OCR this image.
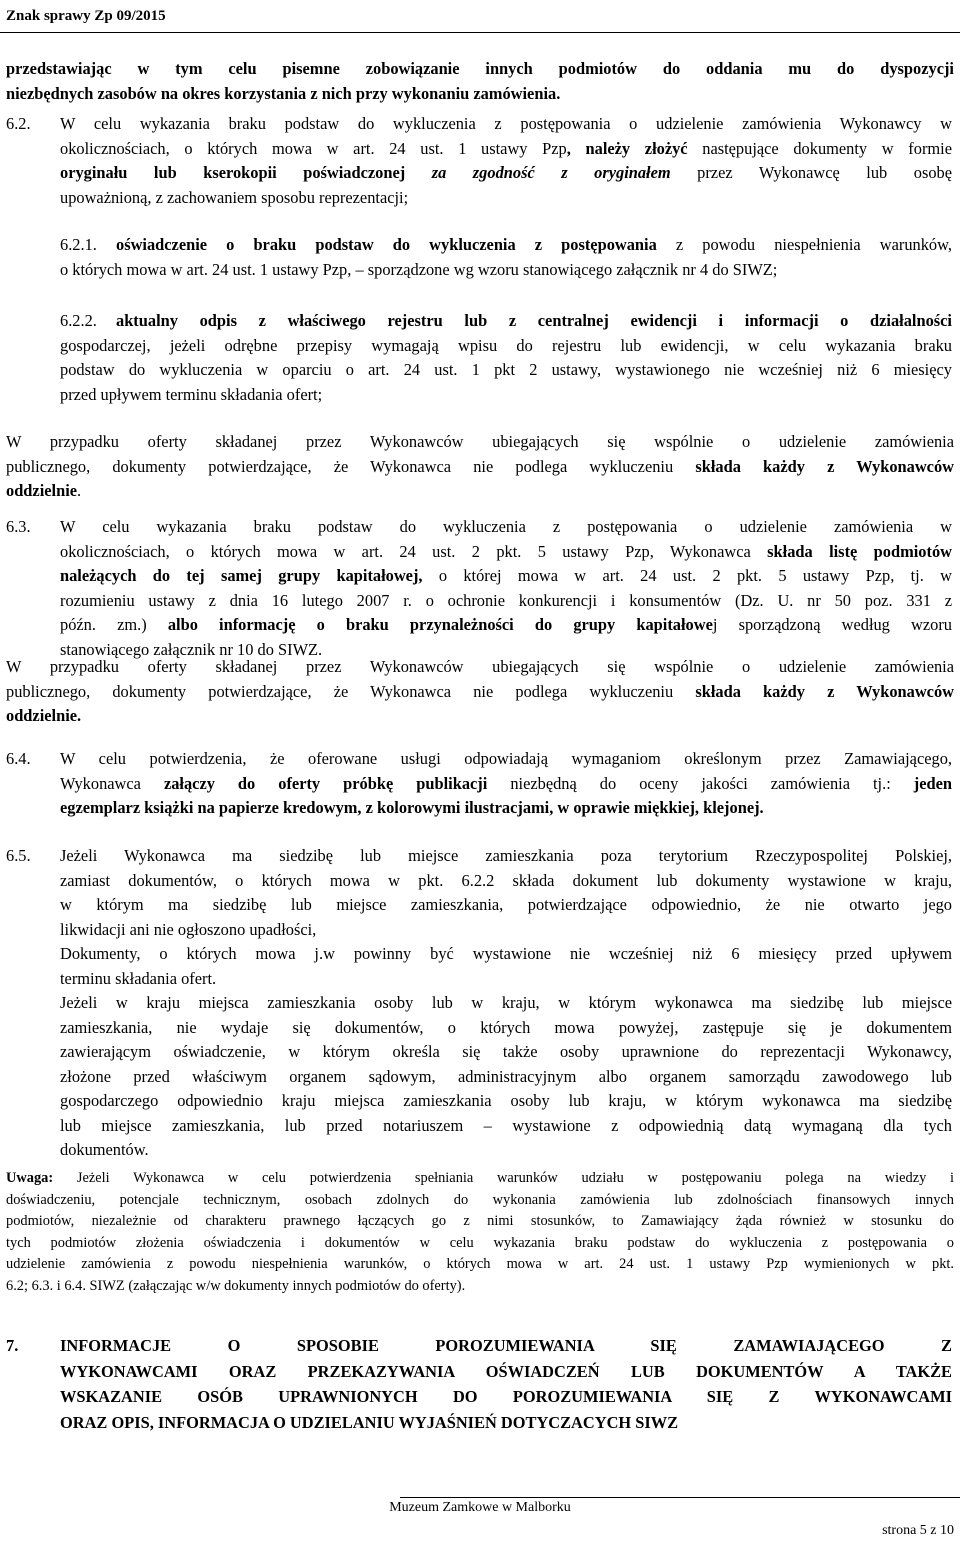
Znak sprawy Zp 09/2015

przedstawiając w tym celu pisemne zobowiązanie innych podmiotów do oddania mu do dyspozycji

niezbędnych zasobów na okres korzystania z nich przy wykonaniu zamówienia.

6.2. W celu wykazania braku podstaw do wykluczenia z postępowania o udzielenie zamówienia Wykonawcy w

okolicznościach, o których mowa w art. 24 ust. 1 ustawy Pzp, należy złożyć następujące dokumenty w formie

oryginału lub kserokopii poświadczonej za zgodność z oryginałem przez Wykonawcę lub osobę

upoważnioną, z zachowaniem sposobu reprezentacji;

6.2.1.	oświadczenie o braku podstaw do wykluczenia z postępowania z powodu niespełnienia warunków,

o których mowa w art. 24 ust. 1 ustawy Pzp, – sporządzone wg wzoru stanowiącego załącznik nr 4 do SIWZ;

6.2.2.	aktualny odpis z właściwego rejestru lub z centralnej ewidencji i informacji o działalności

gospodarczej, jeżeli odrębne przepisy wymagają wpisu do rejestru lub ewidencji, w celu wykazania braku

podstaw do wykluczenia w oparciu o art. 24 ust. 1 pkt 2 ustawy, wystawionego nie wcześniej niż 6 miesięcy

przed upływem terminu składania ofert;

W przypadku oferty składanej przez Wykonawców ubiegających się wspólnie o udzielenie zamówienia

publicznego, dokumenty potwierdzające, że Wykonawca nie podlega wykluczeniu składa każdy z Wykonawców

oddzielnie.

6.3. W celu wykazania braku podstaw do wykluczenia z postępowania o udzielenie zamówienia w

okolicznościach, o których mowa w art. 24 ust. 2 pkt. 5 ustawy Pzp, Wykonawca składa listę podmiotów

należących do tej samej grupy kapitałowej, o której mowa w art. 24 ust. 2 pkt. 5 ustawy Pzp, tj. w

rozumieniu ustawy z dnia 16 lutego 2007 r. o ochronie konkurencji i konsumentów (Dz. U. nr 50 poz. 331 z

późn. zm.) albo informację o braku przynależności do grupy kapitałowej sporządzoną według wzoru

stanowiącego załącznik nr 10 do SIWZ.

W przypadku oferty składanej przez Wykonawców ubiegających się wspólnie o udzielenie zamówienia

publicznego, dokumenty potwierdzające, że Wykonawca nie podlega wykluczeniu składa każdy z Wykonawców

oddzielnie.

6.4. W celu potwierdzenia, że oferowane usługi odpowiadają wymaganiom określonym przez Zamawiającego,

Wykonawca załączy do oferty próbkę publikacji niezbędną do oceny jakości zamówienia tj.: jeden

egzemplarz książki na papierze kredowym, z kolorowymi ilustracjami, w oprawie miękkiej, klejonej.

6.5. Jeżeli Wykonawca ma siedzibę lub miejsce zamieszkania poza terytorium Rzeczypospolitej Polskiej,

zamiast dokumentów, o których mowa w pkt. 6.2.2 składa dokument lub dokumenty wystawione w kraju,

w którym ma siedzibę lub miejsce zamieszkania, potwierdzające odpowiednio, że nie otwarto jego

likwidacji ani nie ogłoszono upadłości,

Dokumenty, o których mowa j.w powinny być wystawione nie wcześniej niż 6 miesięcy przed upływem

terminu składania ofert.

Jeżeli w kraju miejsca zamieszkania osoby lub w kraju, w którym wykonawca ma siedzibę lub miejsce

zamieszkania, nie wydaje się dokumentów, o których mowa powyżej, zastępuje się je dokumentem

zawierającym oświadczenie, w którym określa się także osoby uprawnione do reprezentacji Wykonawcy,

złożone przed właściwym organem sądowym, administracyjnym albo organem samorządu zawodowego lub

gospodarczego odpowiednio kraju miejsca zamieszkania osoby lub kraju, w którym wykonawca ma siedzibę

lub miejsce zamieszkania, lub przed notariuszem – wystawione z odpowiednią datą wymaganą dla tych

dokumentów.

Uwaga: Jeżeli Wykonawca w celu potwierdzenia spełniania warunków udziału w postępowaniu polega na wiedzy i

doświadczeniu, potencjale technicznym, osobach zdolnych do wykonania zamówienia lub zdolnościach finansowych innych

podmiotów, niezależnie od charakteru prawnego łączących go z nimi stosunków, to Zamawiający żąda również w stosunku do

tych podmiotów złożenia oświadczenia i dokumentów w celu wykazania braku podstaw do wykluczenia z postępowania o

udzielenie zamówienia z powodu niespełnienia warunków, o których mowa w art. 24 ust. 1 ustawy Pzp wymienionych w pkt.

6.2; 6.3. i 6.4. SIWZ (załączając w/w dokumenty innych podmiotów do oferty).

7.	INFORMACJE O SPOSOBIE POROZUMIEWANIA SIĘ ZAMAWIAJĄCEGO Z

WYKONAWCAMI ORAZ PRZEKAZYWANIA OŚWIADCZEŃ LUB DOKUMENTÓW A TAKŻE

WSKAZANIE OSÓB UPRAWNIONYCH DO POROZUMIEWANIA SIĘ Z WYKONAWCAMI

ORAZ OPIS, INFORMACJA O UDZIELANIU WYJAŚNIEŃ DOTYCZACYCH SIWZ

Muzeum Zamkowe w Malborku
strona 5 z 10
